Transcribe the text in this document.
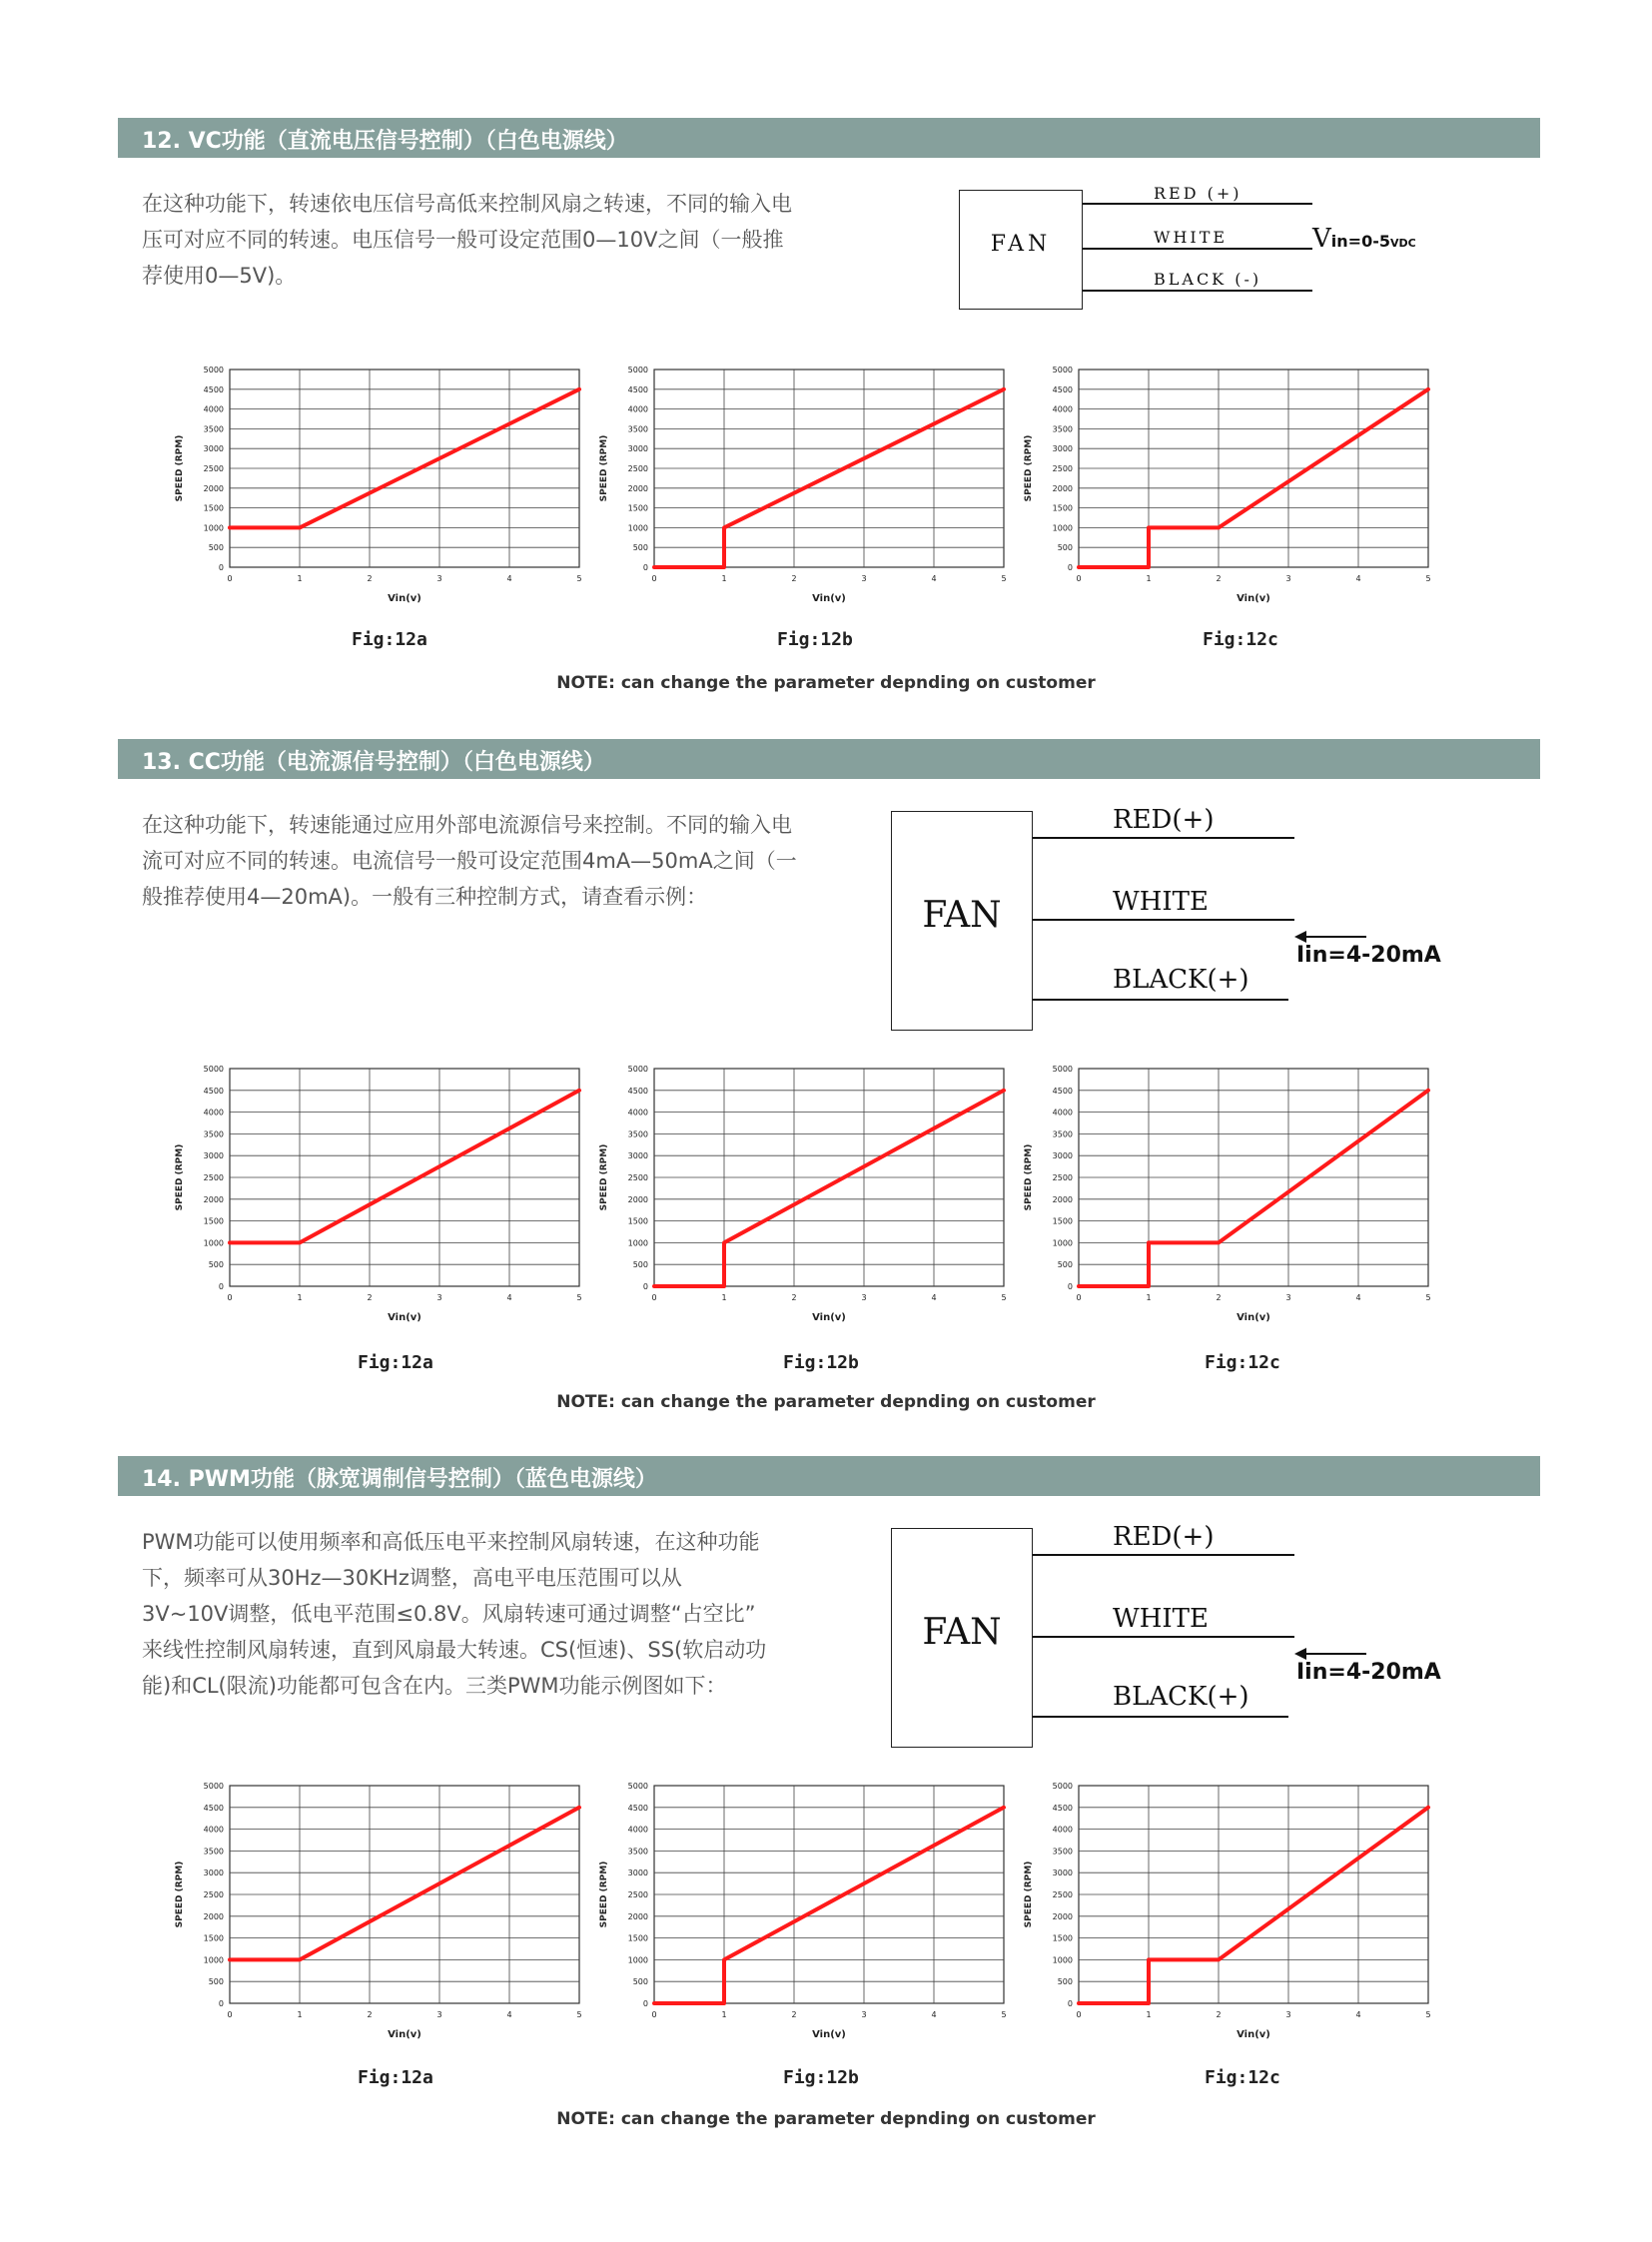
12. VC功能（直流电压信号控制）（白色电源线）
在这种功能下，转速依电压信号高低来控制风扇之转速，不同的输入电
压可对应不同的转速。电压信号一般可设定范围0—10V之间（一般推
荐使用0—5V)。
FAN
RED (+)
WHITE
BLACK (-)
Vin=0-5VDC
0
500
1000
1500
2000
2500
3000
3500
4000
4500
5000
0	1	2	3	4	5
Vin(v)
SPEED (RPM)
0
500
1000
1500
2000
2500
3000
3500
4000
4500
5000
0	1	2	3	4	5
Vin(v)
SPEED (RPM)
0
500
1000
1500
2000
2500
3000
3500
4000
4500
5000
0	1	2	3	4	5
Vin(v)
SPEED (RPM)
Fig:12a	Fig:12b	Fig:12c
NOTE: can change the parameter depnding on customer
13. CC功能（电流源信号控制）（白色电源线）
在这种功能下，转速能通过应用外部电流源信号来控制。不同的输入电
流可对应不同的转速。电流信号一般可设定范围4mA—50mA之间（一
般推荐使用4—20mA)。一般有三种控制方式，请查看示例：	FAN
RED(+)
WHITE
BLACK(+)
Iin=4-20mA
0
500
1000
1500
2000
2500
3000
3500
4000
4500
5000
0	1	2	3	4	5
Vin(v)
SPEED (RPM)
0
500
1000
1500
2000
2500
3000
3500
4000
4500
5000
0	1	2	3	4	5
Vin(v)
SPEED (RPM)
0
500
1000
1500
2000
2500
3000
3500
4000
4500
5000
0	1	2	3	4	5
Vin(v)
SPEED (RPM)
Fig:12a	Fig:12b	Fig:12c
NOTE: can change the parameter depnding on customer
14. PWM功能（脉宽调制信号控制）（蓝色电源线）
PWM功能可以使用频率和高低压电平来控制风扇转速，在这种功能
下，频率可从30Hz—30KHz调整，高电平电压范围可以从
3V~10V调整，低电平范围≤0.8V。风扇转速可通过调整“占空比”
来线性控制风扇转速，直到风扇最大转速。CS(恒速)、SS(软启动功
能)和CL(限流)功能都可包含在内。三类PWM功能示例图如下：
FAN
RED(+)
WHITE
BLACK(+)
Iin=4-20mA
0
500
1000
1500
2000
2500
3000
3500
4000
4500
5000
0	1	2	3	4	5
Vin(v)
SPEED (RPM)
0
500
1000
1500
2000
2500
3000
3500
4000
4500
5000
0	1	2	3	4	5
Vin(v)
SPEED (RPM)
0
500
1000
1500
2000
2500
3000
3500
4000
4500
5000
0	1	2	3	4	5
Vin(v)
SPEED (RPM)
Fig:12a	Fig:12b	Fig:12c
NOTE: can change the parameter depnding on customer
